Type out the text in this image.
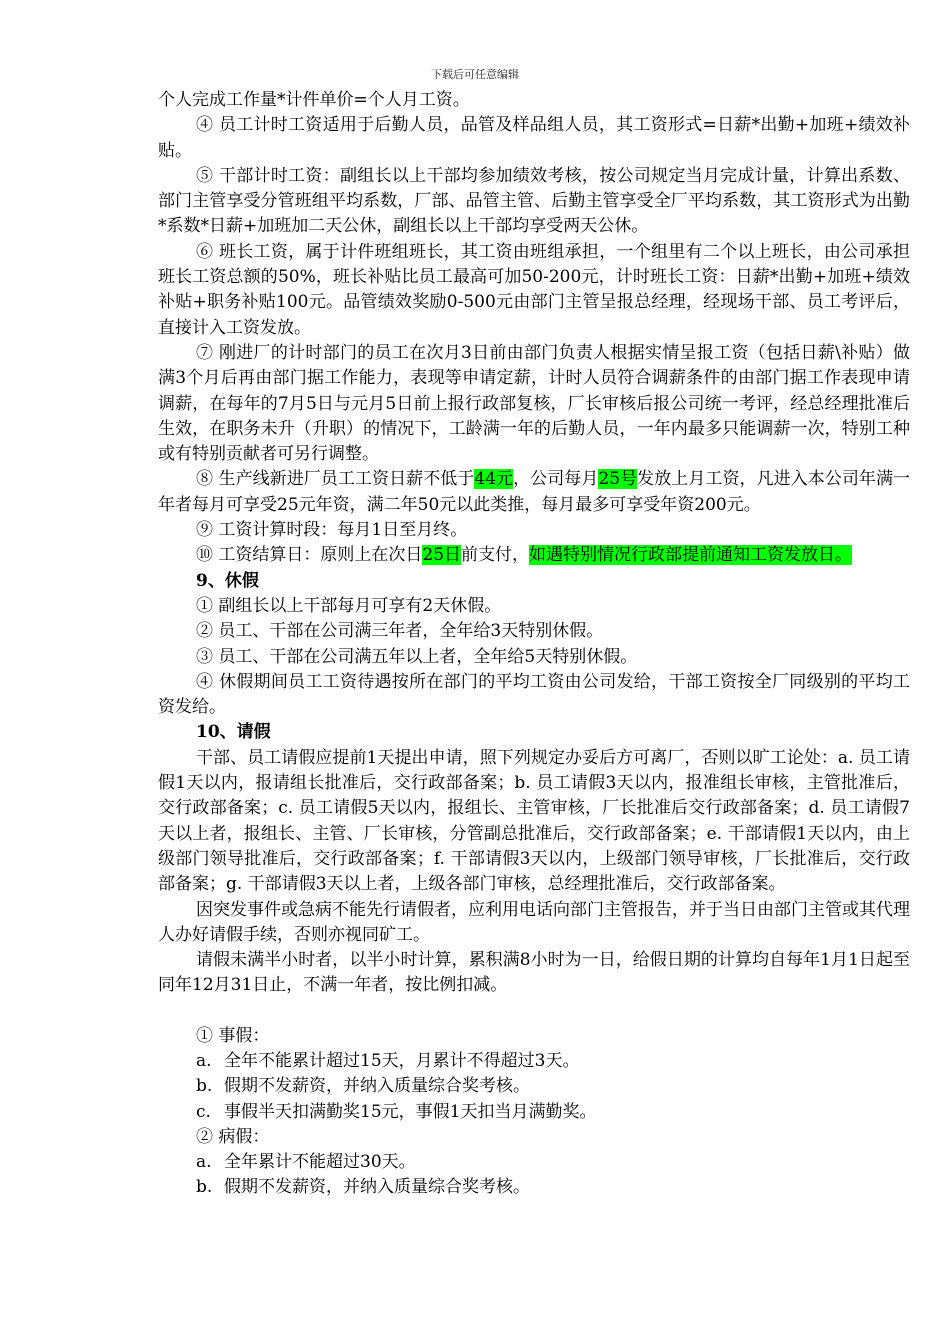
下载后可任意编辑

个人完成工作量*计件单价=个人月工资。

④ 员工计时工资适用于后勤人员，品管及样品组人员，其工资形式=日薪*出勤+加班+绩效补贴。

⑤ 干部计时工资：副组长以上干部均参加绩效考核，按公司规定当月完成计量，计算出系数、部门主管享受分管班组平均系数，厂部、品管主管、后勤主管享受全厂平均系数，其工资形式为出勤*系数*日薪+加班加二天公休，副组长以上干部均享受两天公休。

⑥ 班长工资，属于计件班组班长，其工资由班组承担，一个组里有二个以上班长，由公司承担班长工资总额的50%，班长补贴比员工最高可加50-200元，计时班长工资：日薪*出勤+加班+绩效补贴+职务补贴100元。品管绩效奖励0-500元由部门主管呈报总经理，经现场干部、员工考评后，直接计入工资发放。

⑦ 刚进厂的计时部门的员工在次月3日前由部门负责人根据实情呈报工资（包括日薪\补贴）做满3个月后再由部门据工作能力，表现等申请定薪，计时人员符合调薪条件的由部门据工作表现申请调薪，在每年的7月5日与元月5日前上报行政部复核，厂长审核后报公司统一考评，经总经理批准后生效，在职务未升（升职）的情况下，工龄满一年的后勤人员，一年内最多只能调薪一次，特别工种或有特别贡献者可另行调整。

⑧ 生产线新进厂员工工资日薪不低于44元，公司每月25号发放上月工资，凡进入本公司年满一年者每月可享受25元年资，满二年50元以此类推，每月最多可享受年资200元。

⑨ 工资计算时段：每月1日至月终。

⑩ 工资结算日：原则上在次日25日前支付，如遇特别情况行政部提前通知工资发放日。

9、休假

① 副组长以上干部每月可享有2天休假。

② 员工、干部在公司满三年者，全年给3天特别休假。

③ 员工、干部在公司满五年以上者，全年给5天特别休假。

④ 休假期间员工工资待遇按所在部门的平均工资由公司发给，干部工资按全厂同级别的平均工资发给。

10、请假

干部、员工请假应提前1天提出申请，照下列规定办妥后方可离厂，否则以旷工论处：a. 员工请假1天以内，报请组长批准后，交行政部备案；b. 员工请假3天以内，报准组长审核，主管批准后，交行政部备案；c. 员工请假5天以内，报组长、主管审核，厂长批准后交行政部备案；d. 员工请假7天以上者，报组长、主管、厂长审核，分管副总批准后，交行政部备案；e. 干部请假1天以内，由上级部门领导批准后，交行政部备案；f. 干部请假3天以内，上级部门领导审核，厂长批准后，交行政部备案；g. 干部请假3天以上者，上级各部门审核，总经理批准后，交行政部备案。

因突发事件或急病不能先行请假者，应利用电话向部门主管报告，并于当日由部门主管或其代理人办好请假手续，否则亦视同矿工。

请假未满半小时者，以半小时计算，累积满8小时为一日，给假日期的计算均自每年1月1日起至同年12月31日止，不满一年者，按比例扣减。

① 事假：

a. 全年不能累计超过15天，月累计不得超过3天。

b. 假期不发薪资，并纳入质量综合奖考核。

c. 事假半天扣满勤奖15元，事假1天扣当月满勤奖。

② 病假：

a. 全年累计不能超过30天。

b. 假期不发薪资，并纳入质量综合奖考核。
